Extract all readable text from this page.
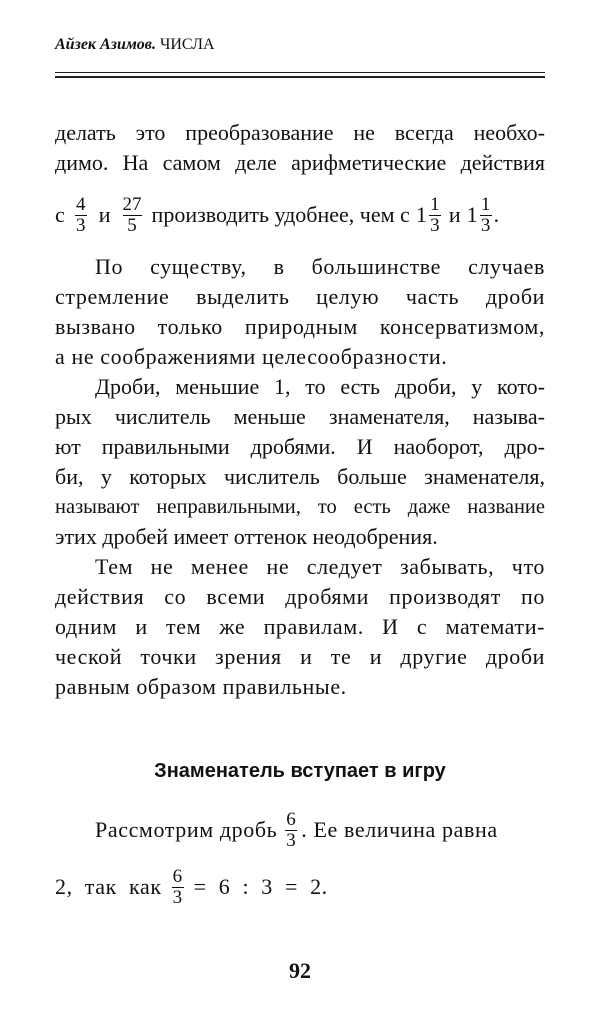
Айзек Азимов. ЧИСЛА
делать это преобразование не всегда необхо-
димо. На самом деле арифметические действия
с $\frac{4}{3}$ и $\frac{27}{5}$ производить удобнее, чем с $1 \frac{1}{3}$ и $1 \frac{1}{3}$ .
По существу, в большинстве случаев
стремление выделить целую часть дроби
вызвано только природным консерватизмом,
а не соображениями целесообразности.
Дроби, меньшие 1, то есть дроби, у кото-
рых числитель меньше знаменателя, называ-
ют правильными дробями. И наоборот, дро-
би, у которых числитель больше знаменателя,
называют неправильными, то есть даже название
этих дробей имеет оттенок неодобрения.
Тем не менее не следует забывать, что
действия со всеми дробями производят по
одним и тем же правилам. И с математи-
ческой точки зрения и те и другие дроби
равным образом правильные.
Знаменатель вступает в игру
Рассмотрим дробь $\frac{6}{3}$ . Ее величина равна
2, так как $\frac{6}{3} = 6$ : 3 = 2.
92
